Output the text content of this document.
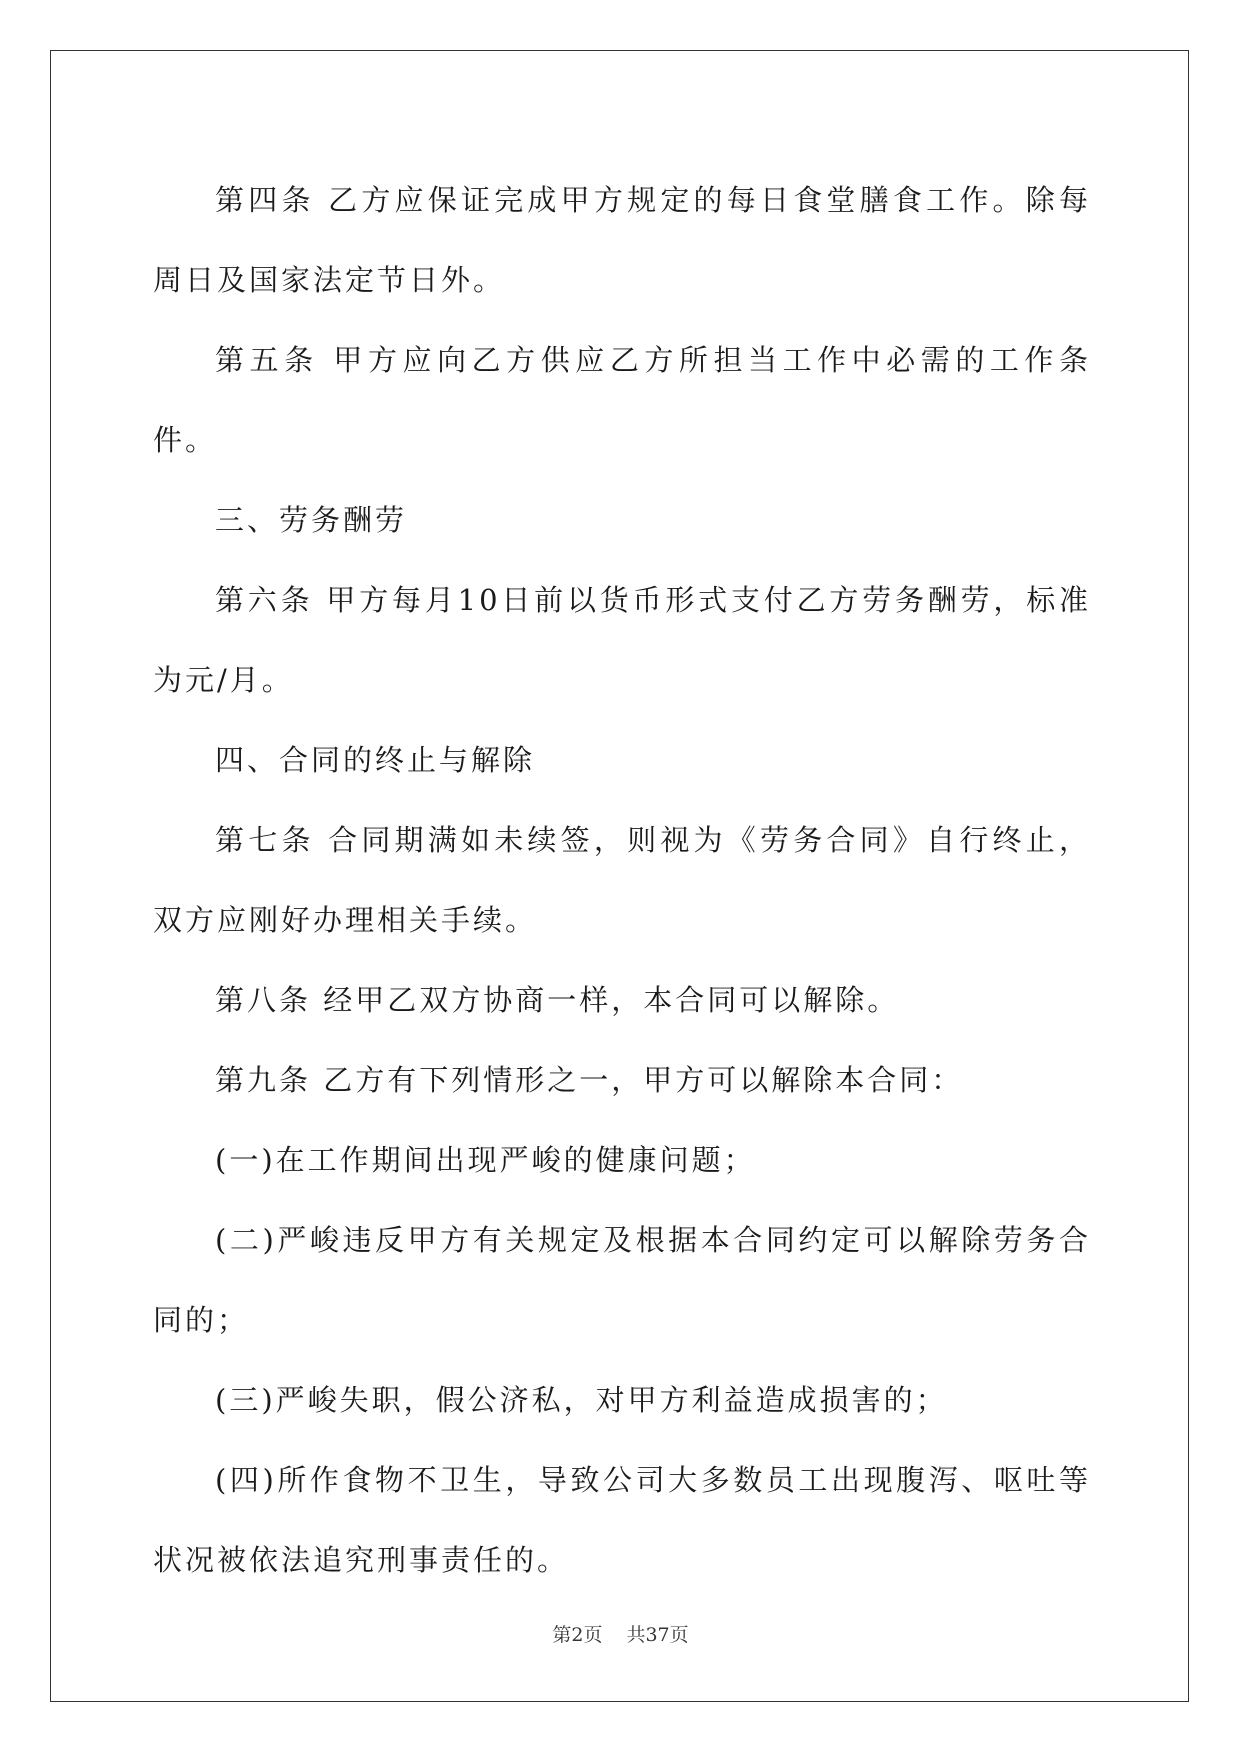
第四条 乙方应保证完成甲方规定的每日食堂膳食工作。除每周日及国家法定节日外。

第五条 甲方应向乙方供应乙方所担当工作中必需的工作条件。

三、劳务酬劳

第六条 甲方每月10日前以货币形式支付乙方劳务酬劳，标准 为元/月。

四、合同的终止与解除

第七条 合同期满如未续签，则视为《劳务合同》自行终止，双方应刚好办理相关手续。

第八条 经甲乙双方协商一样，本合同可以解除。

第九条 乙方有下列情形之一，甲方可以解除本合同：

(一)在工作期间出现严峻的健康问题；

(二)严峻违反甲方有关规定及根据本合同约定可以解除劳务合同的；

(三)严峻失职，假公济私，对甲方利益造成损害的；

(四)所作食物不卫生，导致公司大多数员工出现腹泻、呕吐等状况被依法追究刑事责任的。

第2页 共37页
